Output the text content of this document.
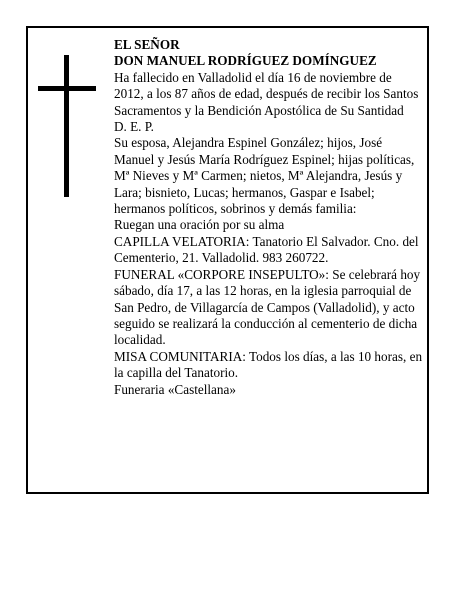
EL SEÑOR

DON MANUEL RODRÍGUEZ DOMÍNGUEZ

Ha fallecido en Valladolid el día 16 de noviembre de 2012, a los 87 años de edad, después de recibir los Santos Sacramentos y la Bendición Apostólica de Su Santidad

D. E. P.

Su esposa, Alejandra Espinel González; hijos, José Manuel y Jesús María Rodríguez Espinel; hijas políticas, Mª Nieves y Mª Carmen; nietos, Mª Alejandra, Jesús y Lara; bisnieto, Lucas; hermanos, Gaspar e Isabel; hermanos políticos, sobrinos y demás familia:

Ruegan una oración por su alma

CAPILLA VELATORIA: Tanatorio El Salvador. Cno. del Cementerio, 21. Valladolid. 983 260722.

FUNERAL «CORPORE INSEPULTO»: Se celebrará hoy sábado, día 17, a las 12 horas, en la iglesia parroquial de San Pedro, de Villagarcía de Campos (Valladolid), y acto seguido se realizará la conducción al cementerio de dicha localidad.

MISA COMUNITARIA: Todos los días, a las 10 horas, en la capilla del Tanatorio.

Funeraria «Castellana»
